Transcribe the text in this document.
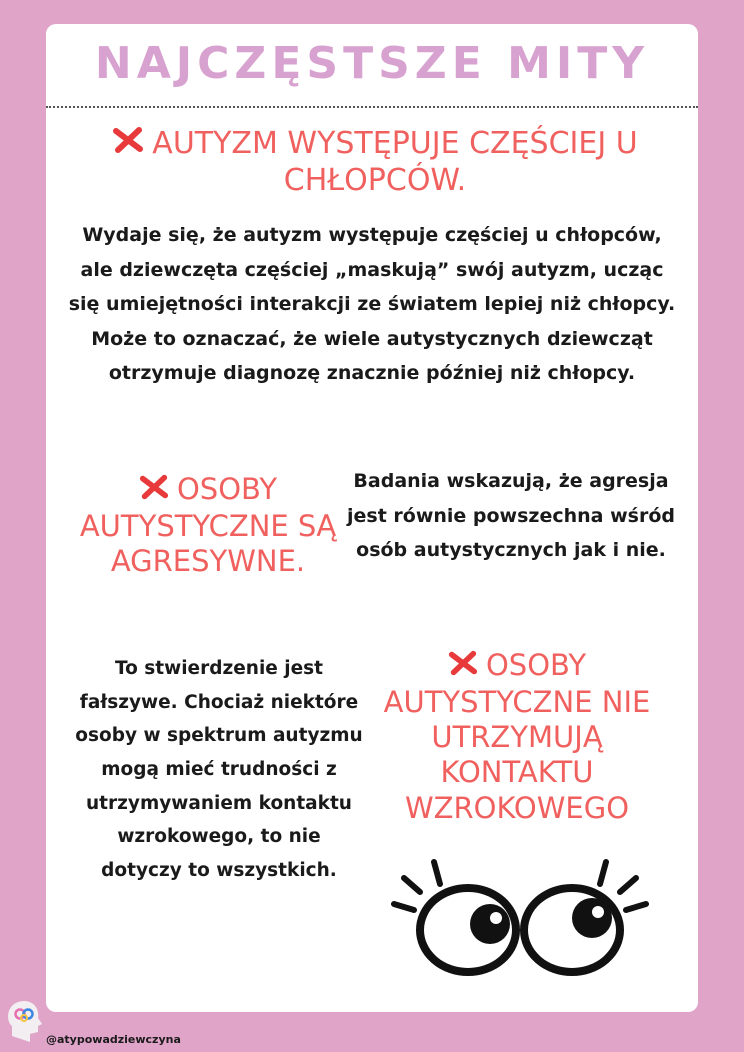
NAJCZĘSTSZE MITY
AUTYZM WYSTĘPUJE CZĘŚCIEJ U CHŁOPCÓW.

Wydaje się, że autyzm występuje częściej u chłopców, ale dziewczęta częściej „maskują” swój autyzm, ucząc się umiejętności interakcji ze światem lepiej niż chłopcy. Może to oznaczać, że wiele autystycznych dziewcząt otrzymuje diagnozę znacznie później niż chłopcy.

OSOBY AUTYSTYCZNE SĄ AGRESYWNE.

Badania wskazują, że agresja jest równie powszechna wśród osób autystycznych jak i nie.

To stwierdzenie jest fałszywe. Chociaż niektóre osoby w spektrum autyzmu mogą mieć trudności z utrzymywaniem kontaktu wzrokowego, to nie dotyczy to wszystkich.

OSOBY AUTYSTYCZNE NIE UTRZYMUJĄ KONTAKTU WZROKOWEGO
@atypowadziewczyna
